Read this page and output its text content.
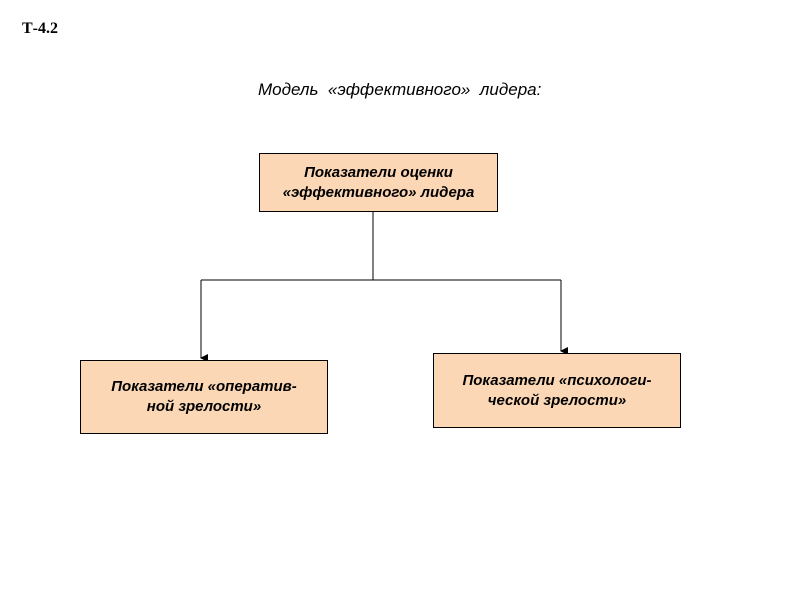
Т-4.2
Модель  «эффективного»  лидера:
Показатели оценки
«эффективного» лидера
Показатели «оператив-
ной зрелости»
Показатели «психологи-
ческой зрелости»
